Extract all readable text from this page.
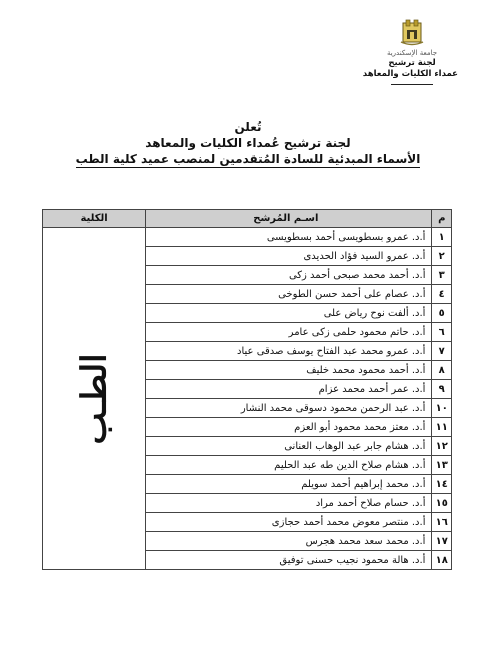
جامعة الإسكندرية
لجنة ترشيح
عمداء الكليات والمعاهد
تُعلن
لجنة ترشيح عُمداء الكليات والمعاهد
الأسماء المبدئية للسادة المُتقدمين لمنصب عميد كلية الطب
م	اسـم المُرشح	الكلية
١	أ.د. عمرو بسطويسى أحمد بسطويسى	الطـب
٢	أ.د. عمرو السيد فؤاد الحديدى	
٣	أ.د. أحمد محمد صبحى أحمد زكى	
٤	أ.د. عصام على أحمد حسن الطوخى	
٥	أ.د. ألفت نوح رياض على	
٦	أ.د. حاتم محمود حلمى زكى عامر	
٧	أ.د. عمرو محمد عبد الفتاح يوسف صدقى عياد	
٨	أ.د. أحمد محمود محمد خليف	
٩	أ.د. عمر أحمد محمد عزام	
١٠	أ.د. عبد الرحمن محمود دسوقى محمد النشار	
١١	أ.د. معتز محمد محمود أبو العزم	
١٢	أ.د. هشام جابر عبد الوهاب العنانى	
١٣	أ.د. هشام صلاح الدين طه عبد الحليم	
١٤	أ.د. محمد إبراهيم أحمد سويلم	
١٥	أ.د. حسام صلاح أحمد مراد	
١٦	أ.د. منتصر معوض محمد أحمد حجازى	
١٧	أ.د. محمد سعد محمد هجرس	
١٨	أ.د. هالة محمود نجيب حسنى توفيق	
